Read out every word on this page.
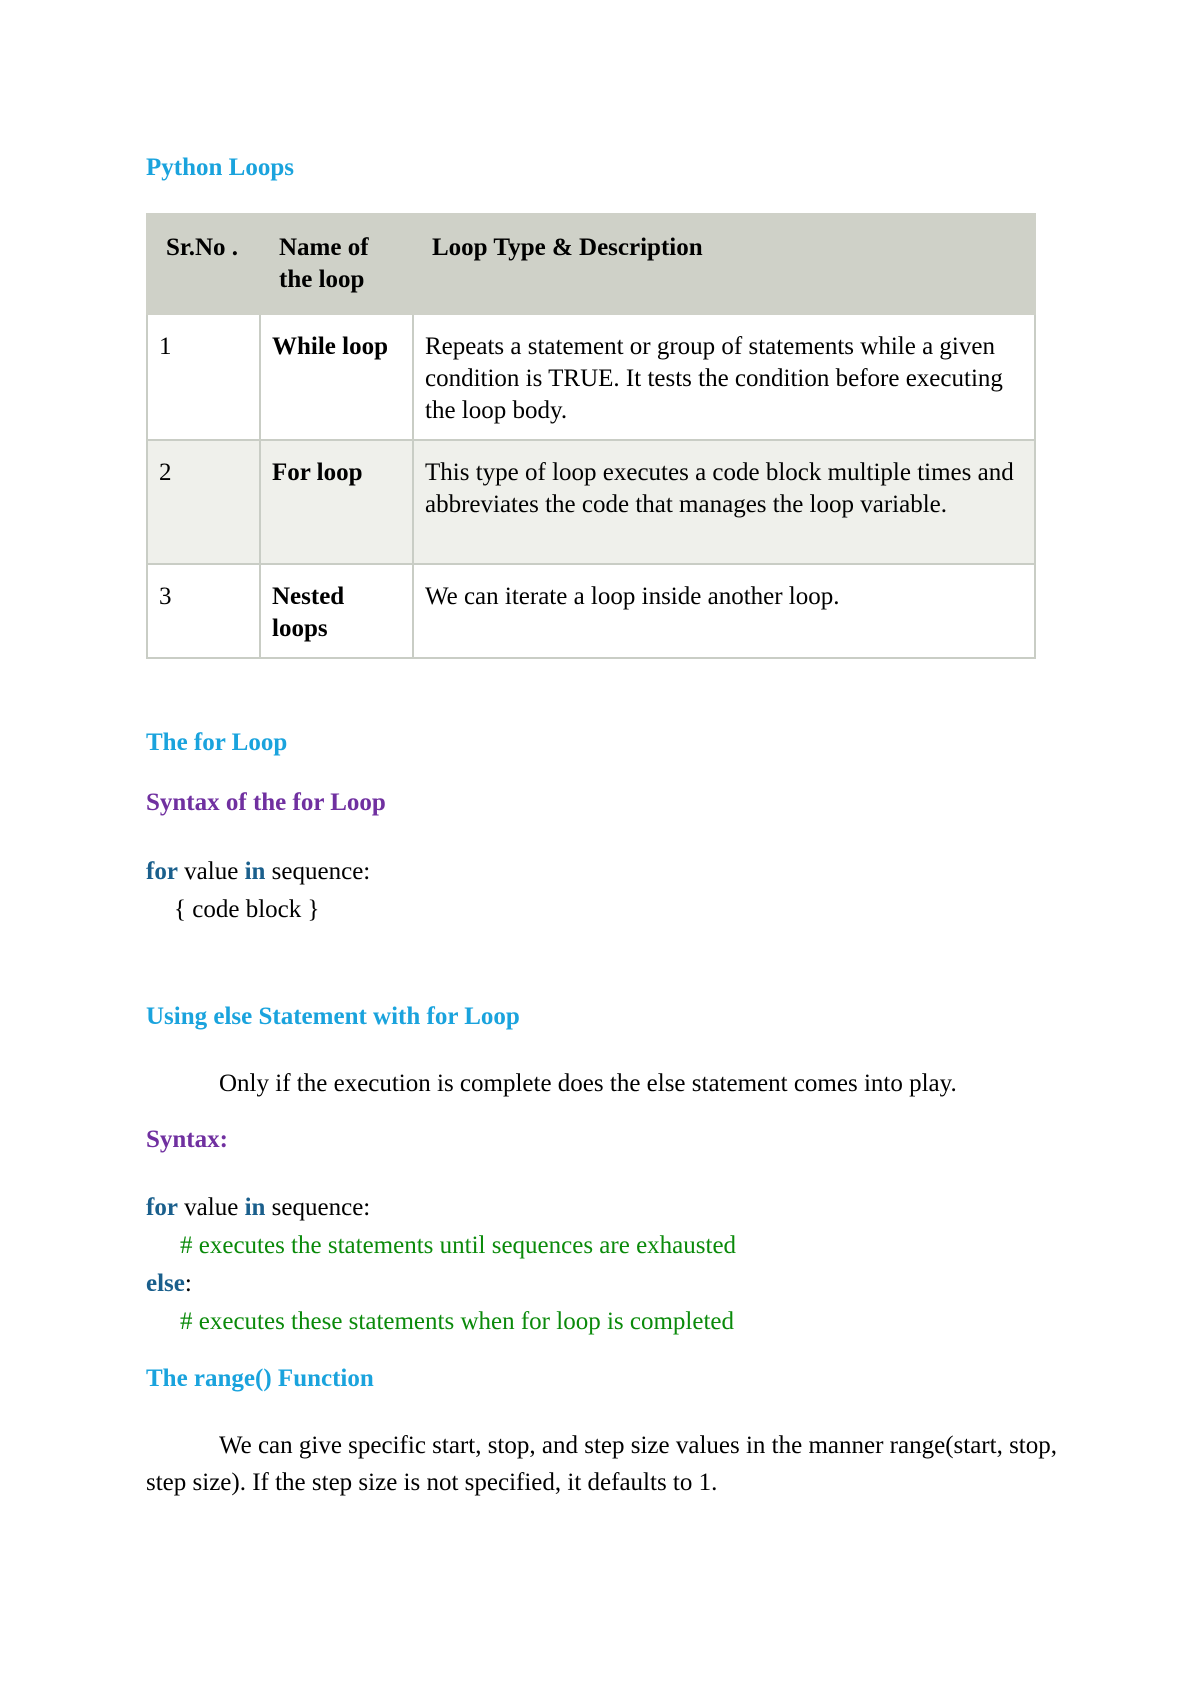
Python Loops
Sr.No .	Name of the loop	Loop Type & Description
1	While loop	Repeats a statement or group of statements while a given condition is TRUE. It tests the condition before executing the loop body.
2	For loop	This type of loop executes a code block multiple times and abbreviates the code that manages the loop variable.
3	Nested loops	We can iterate a loop inside another loop.
The for Loop
Syntax of the for Loop
for value in sequence:
{ code block }
Using else Statement with for Loop

Only if the execution is complete does the else statement comes into play.

Syntax:
for value in sequence:
# executes the statements until sequences are exhausted
else:
# executes these statements when for loop is completed
The range() Function

We can give specific start, stop, and step size values in the manner range(start, stop, step size). If the step size is not specified, it defaults to 1.
